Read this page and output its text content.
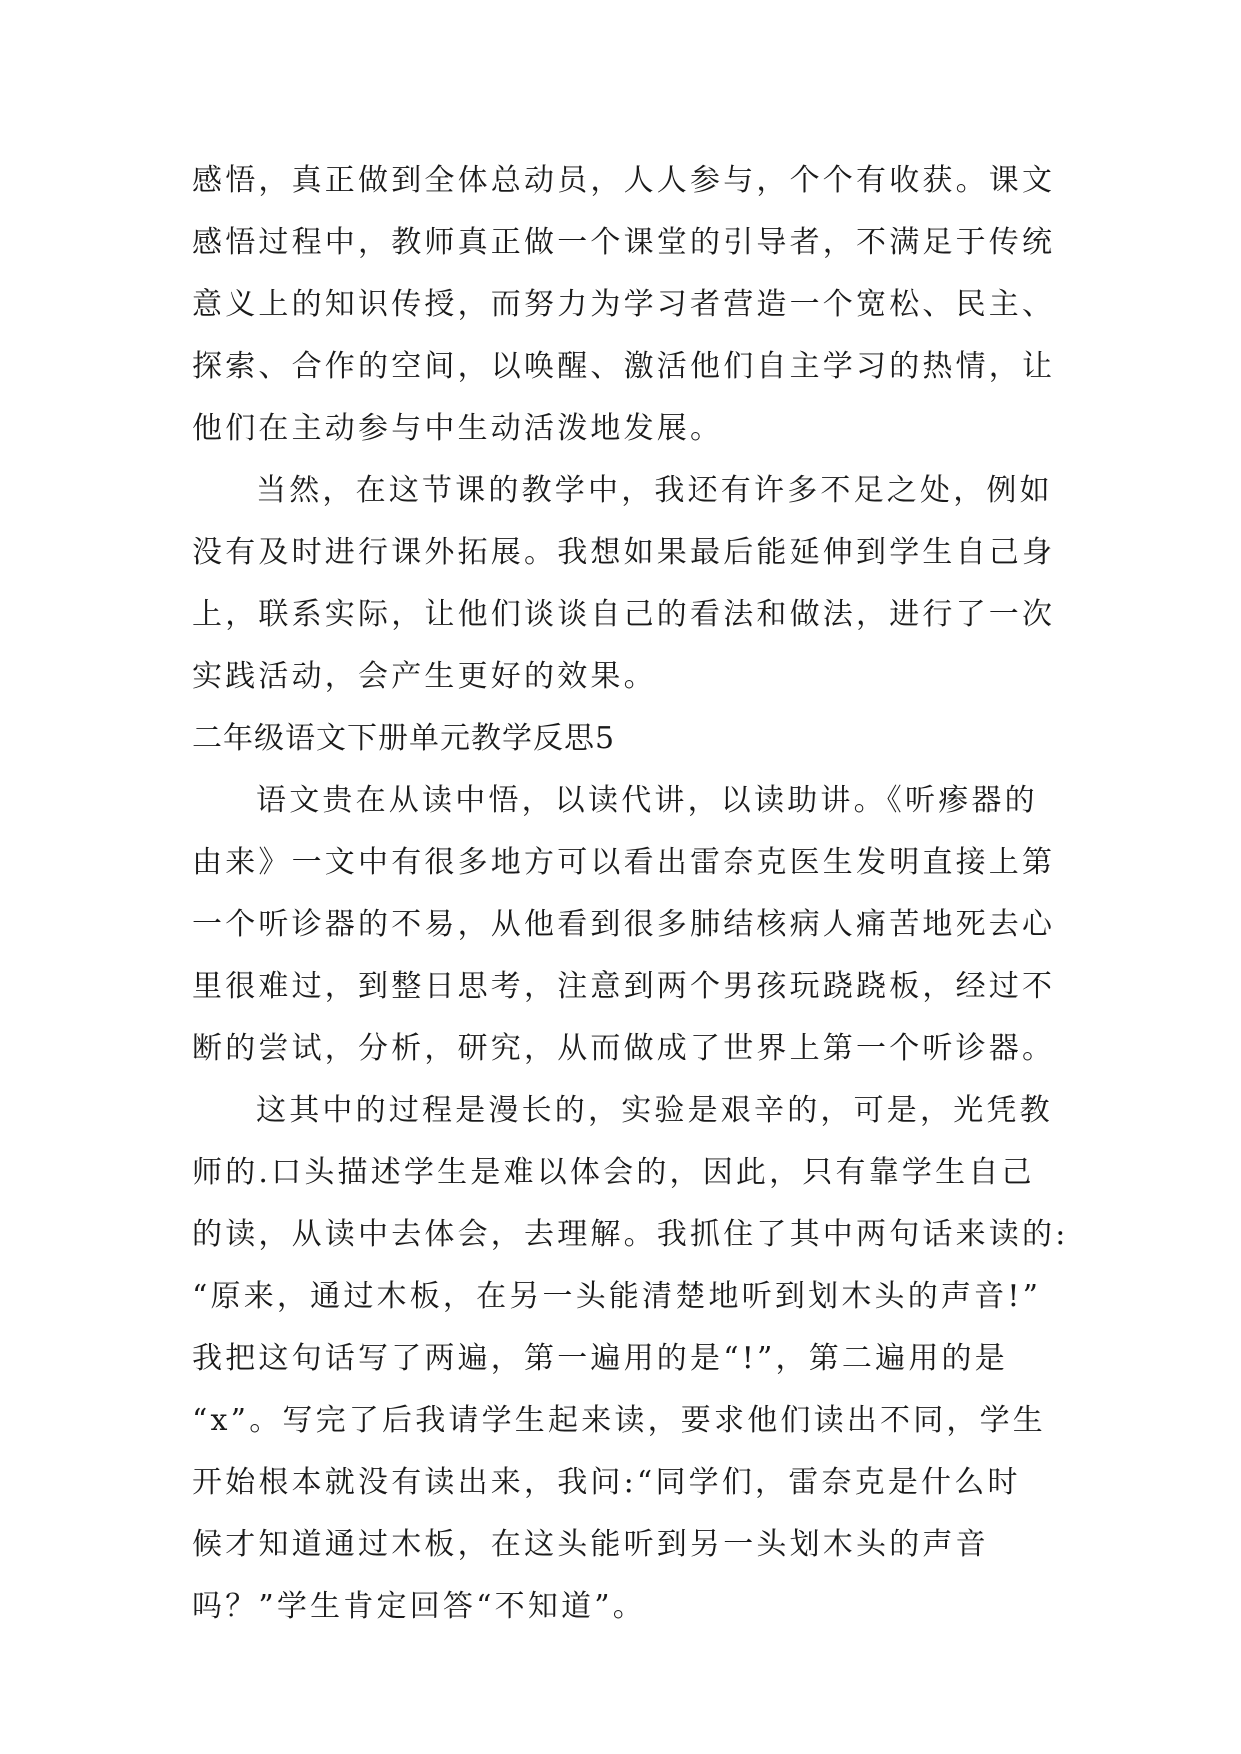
感悟，真正做到全体总动员，人人参与，个个有收获。课文
感悟过程中，教师真正做一个课堂的引导者，不满足于传统
意义上的知识传授，而努力为学习者营造一个宽松、民主、
探索、合作的空间，以唤醒、激活他们自主学习的热情，让
他们在主动参与中生动活泼地发展。
当然，在这节课的教学中，我还有许多不足之处，例如
没有及时进行课外拓展。我想如果最后能延伸到学生自己身
上，联系实际，让他们谈谈自己的看法和做法，进行了一次
实践活动，会产生更好的效果。
二年级语文下册单元教学反思5
语文贵在从读中悟，以读代讲，以读助讲。《听瘆器的
由来》一文中有很多地方可以看出雷奈克医生发明直接上第
一个听诊器的不易，从他看到很多肺结核病人痛苦地死去心
里很难过，到整日思考，注意到两个男孩玩跷跷板，经过不
断的尝试，分析，研究，从而做成了世界上第一个听诊器。
这其中的过程是漫长的，实验是艰辛的，可是，光凭教
师的.口头描述学生是难以体会的，因此，只有靠学生自己
的读，从读中去体会，去理解。我抓住了其中两句话来读的:
“原来，通过木板，在另一头能清楚地听到划木头的声音!”
我把这句话写了两遍，第一遍用的是“!”，第二遍用的是
“x”。写完了后我请学生起来读，要求他们读出不同，学生
开始根本就没有读出来，我问:“同学们，雷奈克是什么时
候才知道通过木板，在这头能听到另一头划木头的声音
吗？”学生肯定回答“不知道”。
